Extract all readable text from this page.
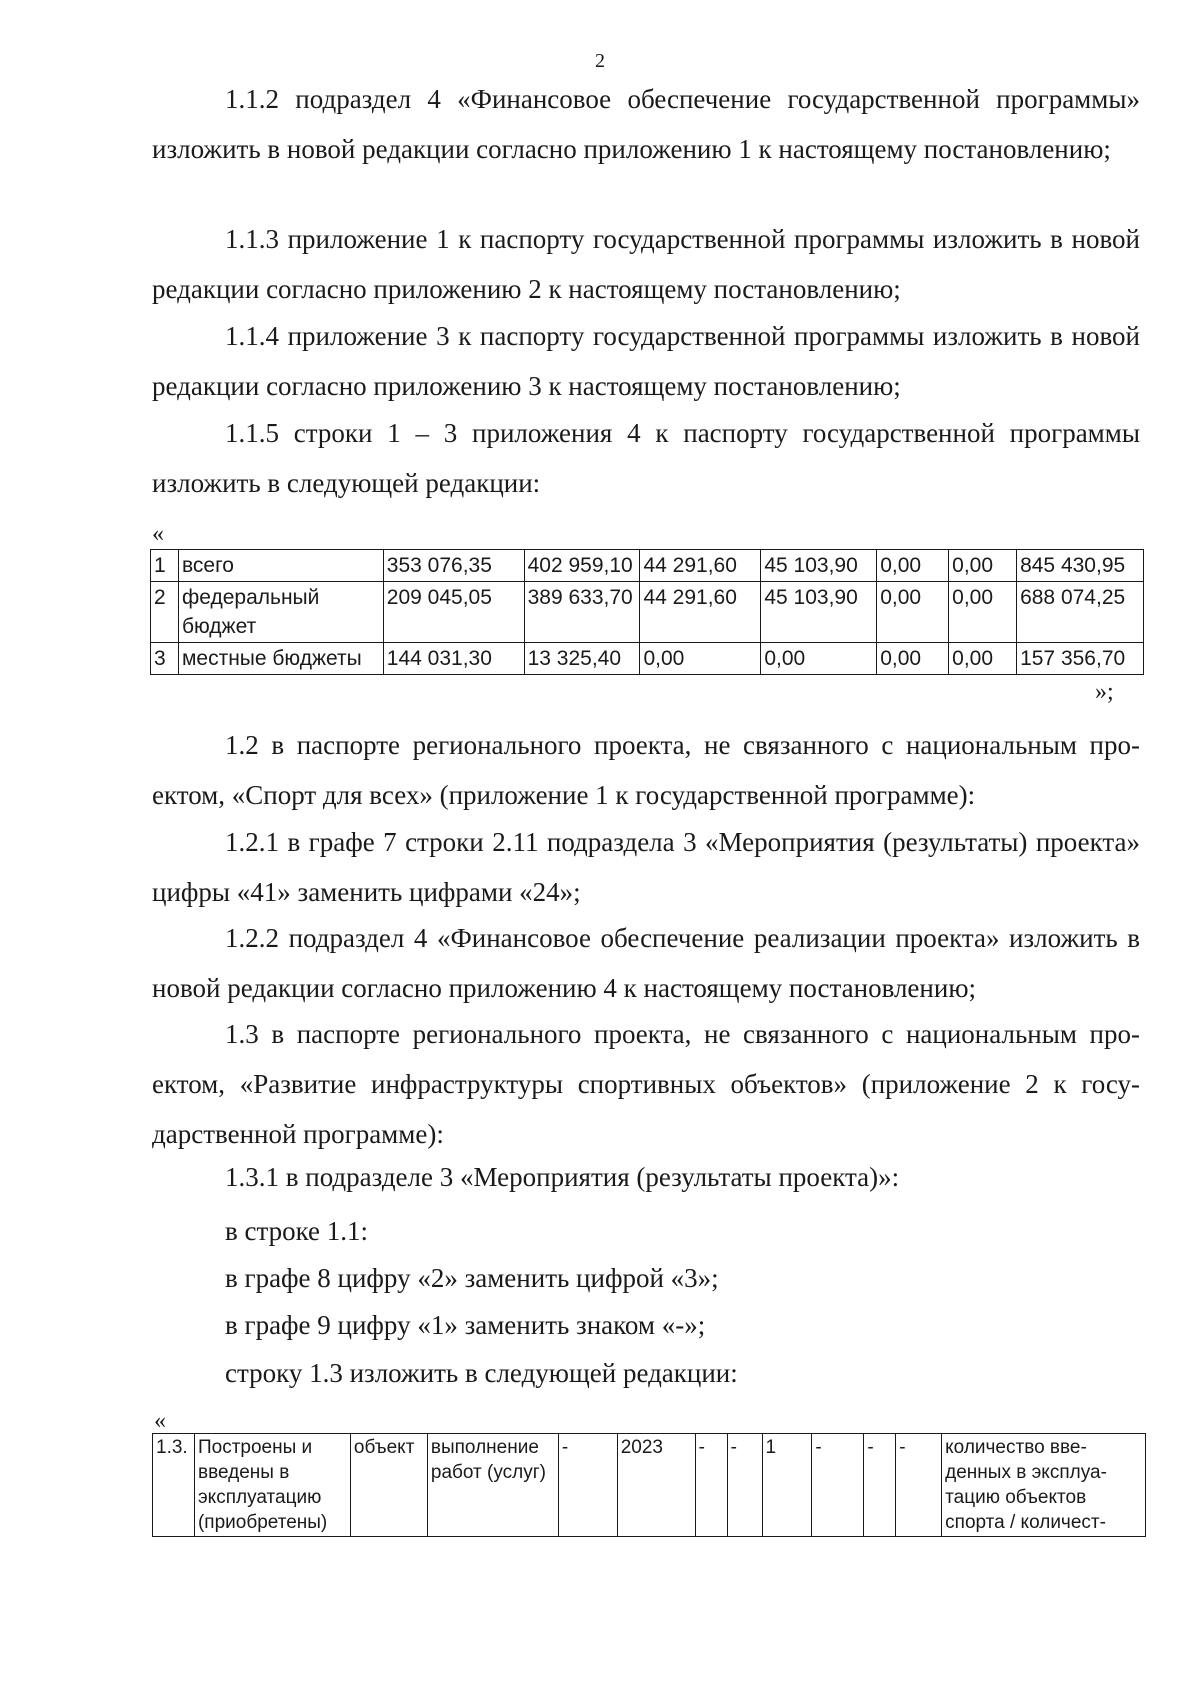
2

1.1.2 подраздел 4 «Финансовое обеспечение государственной программы» изложить в новой редакции согласно приложению 1 к настоящему постановлению;

1.1.3 приложение 1 к паспорту государственной программы изложить в новой редакции согласно приложению 2 к настоящему постановлению;

1.1.4 приложение 3 к паспорту государственной программы изложить в новой редакции согласно приложению 3 к настоящему постановлению;

1.1.5 строки 1 – 3 приложения 4 к паспорту государственной программы изложить в следующей редакции:

«
1	всего	353 076,35	402 959,10	44 291,60	45 103,90	0,00	0,00	845 430,95
2	федеральный бюджет	209 045,05	389 633,70	44 291,60	45 103,90	0,00	0,00	688 074,25
3	местные бюджеты	144 031,30	13 325,40	0,00	0,00	0,00	0,00	157 356,70
»;

1.2 в паспорте регионального проекта, не связанного с национальным проектом, «Спорт для всех» (приложение 1 к государственной программе):

1.2.1 в графе 7 строки 2.11 подраздела 3 «Мероприятия (результаты) проекта» цифры «41» заменить цифрами «24»;

1.2.2 подраздел 4 «Финансовое обеспечение реализации проекта» изложить в новой редакции согласно приложению 4 к настоящему постановлению;

1.3 в паспорте регионального проекта, не связанного с национальным проектом, «Развитие инфраструктуры спортивных объектов» (приложение 2 к государственной программе):

1.3.1 в подразделе 3 «Мероприятия (результаты проекта)»:

в строке 1.1:

в графе 8 цифру «2» заменить цифрой «3»;

в графе 9 цифру «1» заменить знаком «-»;

строку 1.3 изложить в следующей редакции:

«
1.3.	Построены и введены в эксплуатацию (приобретены)	объект	выполнение работ (услуг)	-	2023	-	-	1	-	-	-	количество введенных в эксплуатацию объектов спорта / количест-
